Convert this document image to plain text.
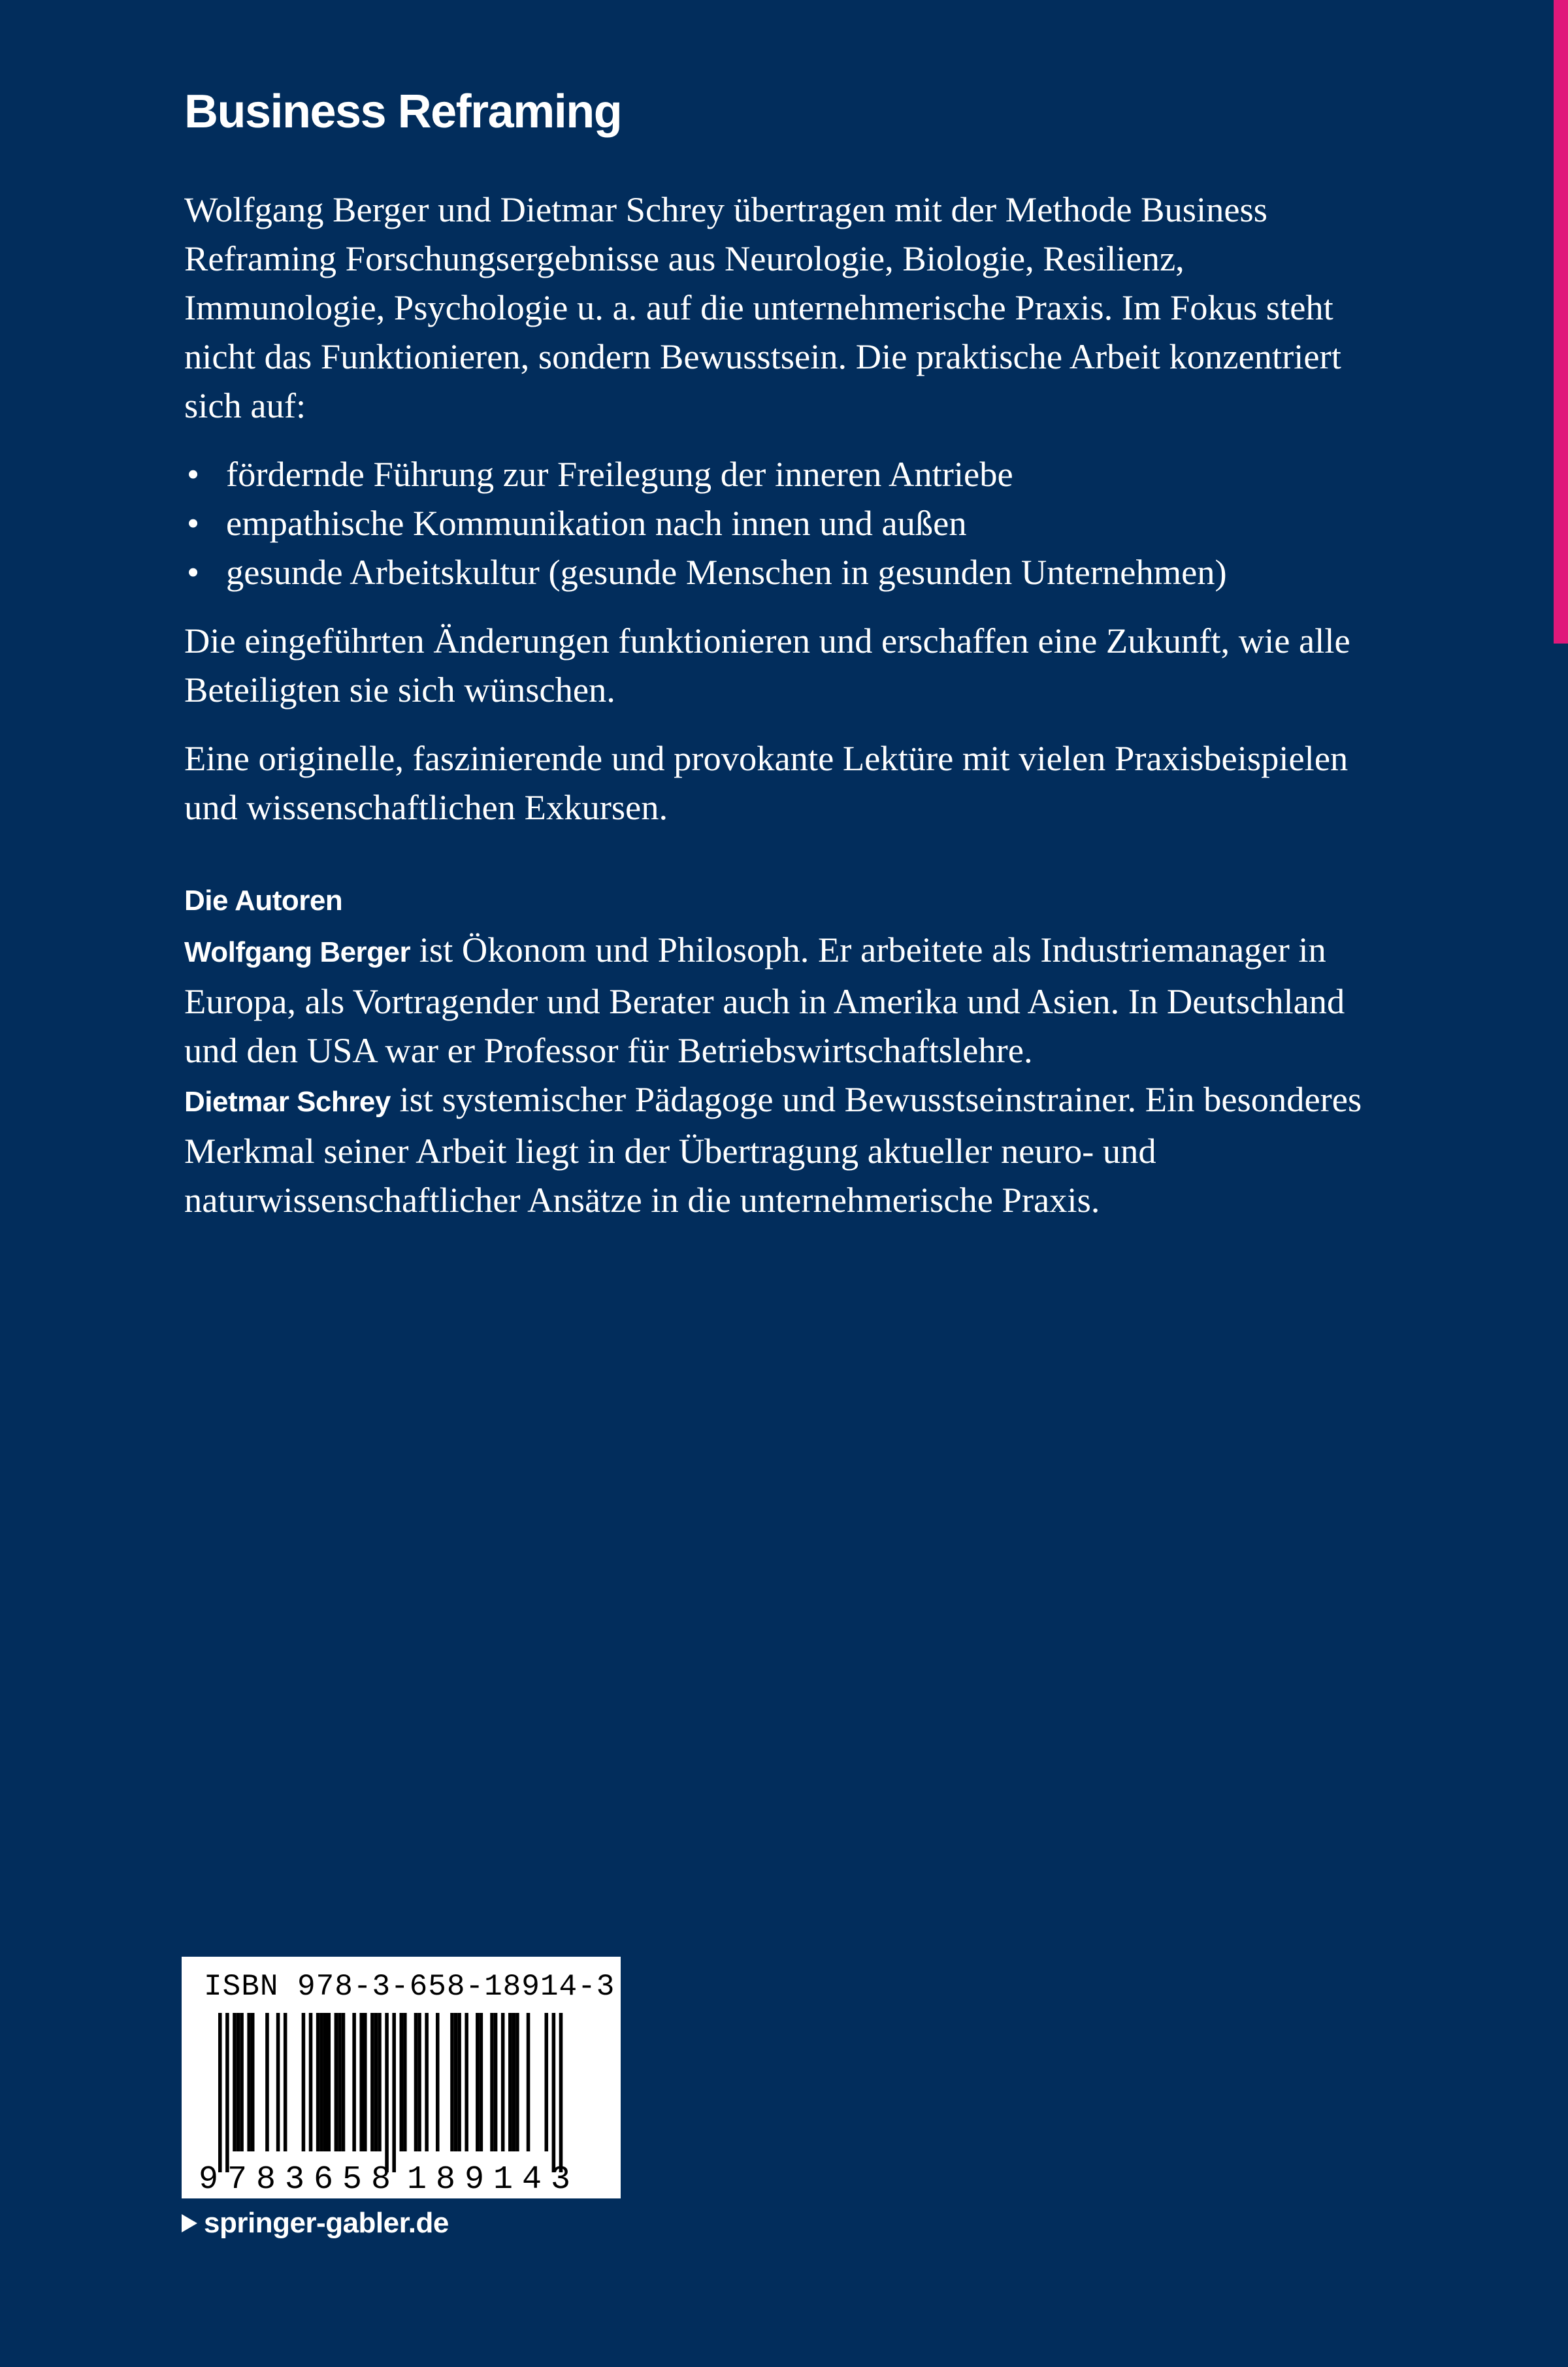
Business Reframing

Wolfgang Berger und Dietmar Schrey übertragen mit der Methode Business Reframing Forschungsergebnisse aus Neurologie, Biologie, Resilienz, Immunologie, Psychologie u. a. auf die unternehmerische Praxis. Im Fokus steht nicht das Funktionieren, sondern Bewusstsein. Die praktische Arbeit konzentriert sich auf:

• fördernde Führung zur Freilegung der inneren Antriebe
• empathische Kommunikation nach innen und außen
• gesunde Arbeitskultur (gesunde Menschen in gesunden Unternehmen)

Die eingeführten Änderungen funktionieren und erschaffen eine Zukunft, wie alle Beteiligten sie sich wünschen.

Eine originelle, faszinierende und provokante Lektüre mit vielen Praxisbeispielen und wissenschaftlichen Exkursen.

Die Autoren

Wolfgang Berger ist Ökonom und Philosoph. Er arbeitete als Industriemanager in Europa, als Vortragender und Berater auch in Amerika und Asien. In Deutschland und den USA war er Professor für Betriebswirtschaftslehre.

Dietmar Schrey ist systemischer Pädagoge und Bewusstseinstrainer. Ein besonderes Merkmal seiner Arbeit liegt in der Übertragung aktueller neuro- und naturwissenschaftlicher Ansätze in die unternehmerische Praxis.

ISBN 978-3-658-18914-3
9 783658 189143
springer-gabler.de
